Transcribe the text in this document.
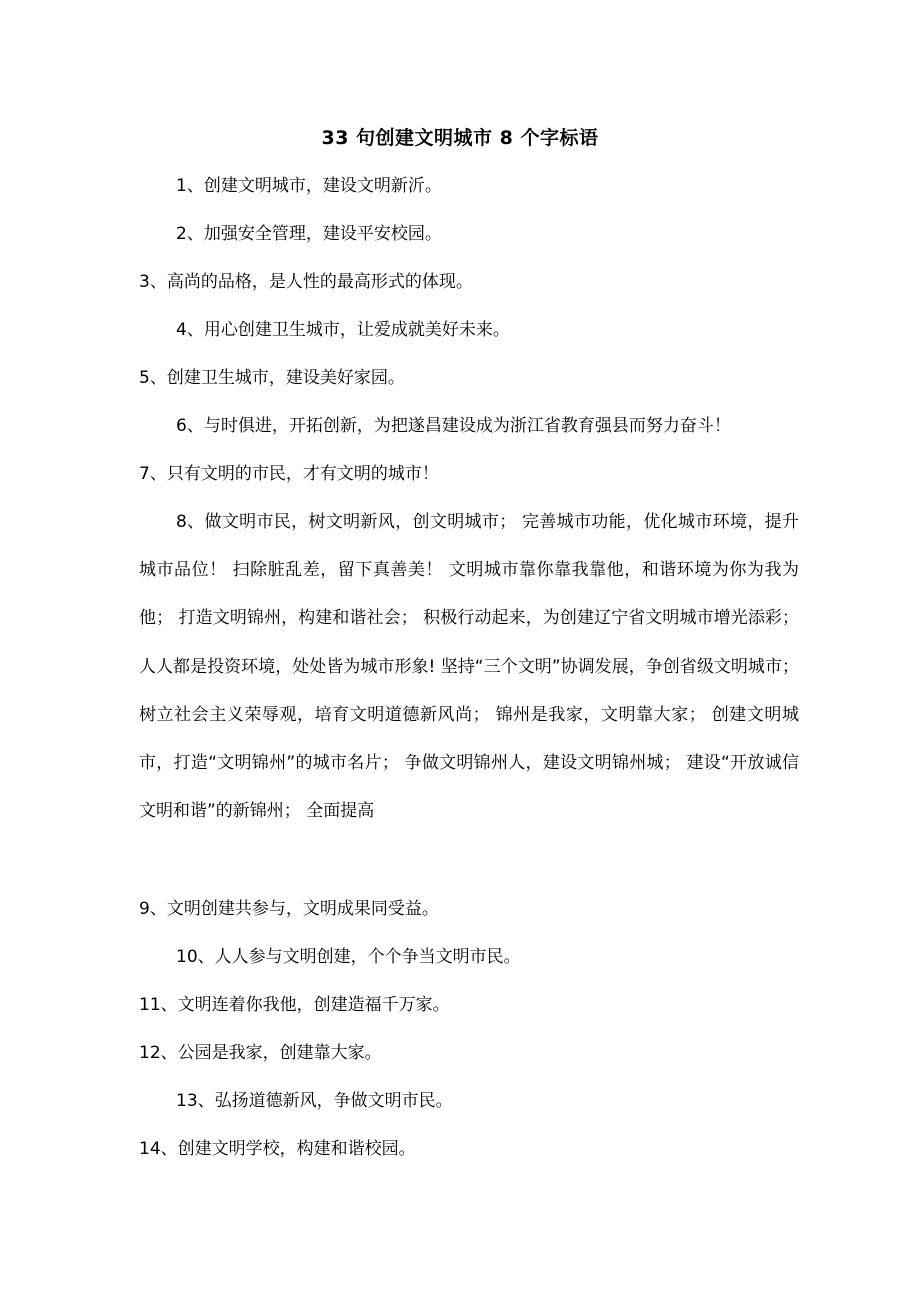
33 句创建文明城市 8 个字标语
1、创建文明城市，建设文明新沂。
2、加强安全管理，建设平安校园。
3、高尚的品格，是人性的最高形式的体现。
4、用心创建卫生城市，让爱成就美好未来。
5、创建卫生城市，建设美好家园。
6、与时俱进，开拓创新，为把遂昌建设成为浙江省教育强县而努力奋斗！
7、只有文明的市民，才有文明的城市！
8、做文明市民，树文明新风，创文明城市； 完善城市功能，优化城市环境，提升城市品位！ 扫除脏乱差，留下真善美！ 文明城市靠你靠我靠他，和谐环境为你为我为他； 打造文明锦州，构建和谐社会； 积极行动起来，为创建辽宁省文明城市增光添彩； 人人都是投资环境，处处皆为城市形象! 坚持“三个文明”协调发展，争创省级文明城市； 树立社会主义荣辱观，培育文明道德新风尚； 锦州是我家，文明靠大家； 创建文明城市，打造“文明锦州”的城市名片； 争做文明锦州人，建设文明锦州城； 建设“开放诚信文明和谐”的新锦州； 全面提高
9、文明创建共参与，文明成果同受益。
10、人人参与文明创建，个个争当文明市民。
11、文明连着你我他，创建造福千万家。
12、公园是我家，创建靠大家。
13、弘扬道德新风，争做文明市民。
14、创建文明学校，构建和谐校园。
